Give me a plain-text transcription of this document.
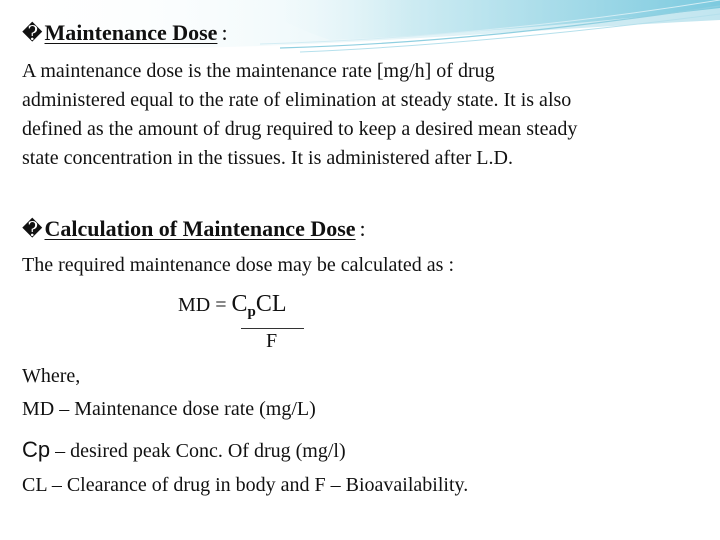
�Maintenance Dose :
A maintenance dose is the maintenance rate [mg/h] of drug
administered equal to the rate of elimination at steady state. It is also
defined as the amount of drug required to keep a desired mean steady
state concentration in the tissues. It is administered after L.D.
�Calculation of Maintenance Dose :
The required maintenance dose may be calculated as :
MD = $C_pCL$
F
Where,
MD – Maintenance dose rate (mg/L)
Cp – desired peak Conc. Of drug (mg/l)
CL – Clearance of drug in body and F – Bioavailability.
